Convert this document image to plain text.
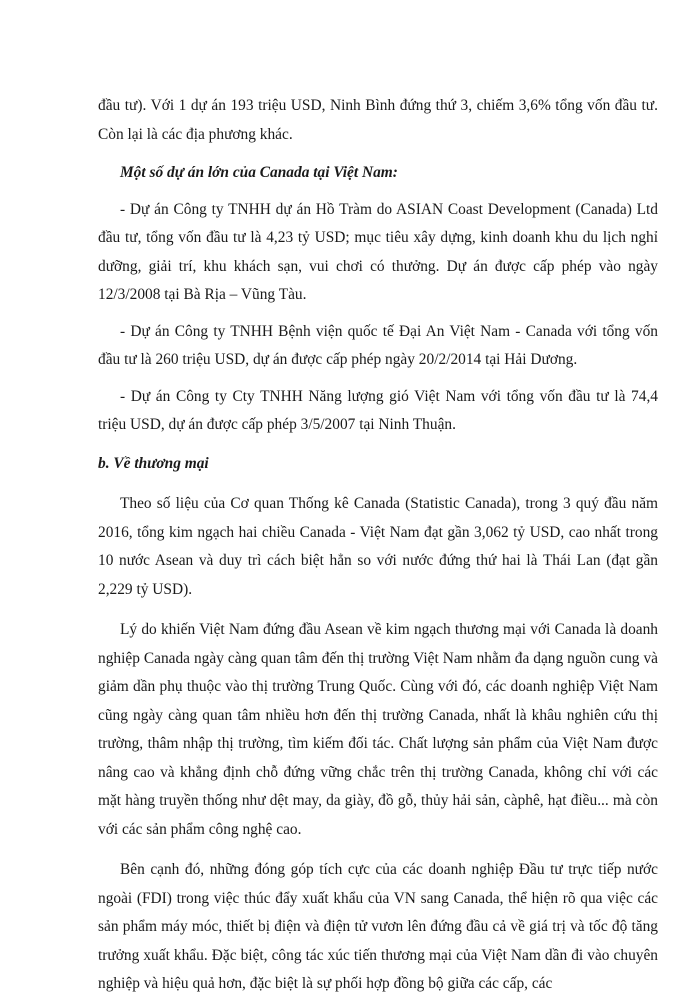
đầu tư). Với 1 dự án 193 triệu USD, Ninh Bình đứng thứ 3, chiếm 3,6% tổng vốn đầu tư. Còn lại là các địa phương khác.

Một số dự án lớn của Canada tại Việt Nam:

- Dự án Công ty TNHH dự án Hồ Tràm do ASIAN Coast Development (Canada) Ltd đầu tư, tổng vốn đầu tư là 4,23 tỷ USD; mục tiêu xây dựng, kinh doanh khu du lịch nghỉ dưỡng, giải trí, khu khách sạn, vui chơi có thưởng. Dự án được cấp phép vào ngày 12/3/2008 tại Bà Rịa – Vũng Tàu.

- Dự án Công ty TNHH Bệnh viện quốc tế Đại An Việt Nam - Canada với tổng vốn đầu tư là 260 triệu USD, dự án được cấp phép ngày 20/2/2014 tại Hải Dương.

- Dự án Công ty Cty TNHH Năng lượng gió Việt Nam với tổng vốn đầu tư là 74,4 triệu USD, dự án được cấp phép 3/5/2007 tại Ninh Thuận.

b. Về thương mại

Theo số liệu của Cơ quan Thống kê Canada (Statistic Canada), trong 3 quý đầu năm 2016, tổng kim ngạch hai chiều Canada - Việt Nam đạt gần 3,062 tỷ USD, cao nhất trong 10 nước Asean và duy trì cách biệt hẳn so với nước đứng thứ hai là Thái Lan (đạt gần 2,229 tỷ USD).

Lý do khiến Việt Nam đứng đầu Asean về kim ngạch thương mại với Canada là doanh nghiệp Canada ngày càng quan tâm đến thị trường Việt Nam nhằm đa dạng nguồn cung và giảm dần phụ thuộc vào thị trường Trung Quốc. Cùng với đó, các doanh nghiệp Việt Nam cũng ngày càng quan tâm nhiều hơn đến thị trường Canada, nhất là khâu nghiên cứu thị trường, thâm nhập thị trường, tìm kiếm đối tác. Chất lượng sản phẩm của Việt Nam được nâng cao và khẳng định chỗ đứng vững chắc trên thị trường Canada, không chỉ với các mặt hàng truyền thống như dệt may, da giày, đồ gỗ, thủy hải sản, càphê, hạt điều... mà còn với các sản phẩm công nghệ cao.

Bên cạnh đó, những đóng góp tích cực của các doanh nghiệp Đầu tư trực tiếp nước ngoài (FDI) trong việc thúc đẩy xuất khẩu của VN sang Canada, thể hiện rõ qua việc các sản phẩm máy móc, thiết bị điện và điện tử vươn lên đứng đầu cả về giá trị và tốc độ tăng trưởng xuất khẩu. Đặc biệt, công tác xúc tiến thương mại của Việt Nam dần đi vào chuyên nghiệp và hiệu quả hơn, đặc biệt là sự phối hợp đồng bộ giữa các cấp, các
